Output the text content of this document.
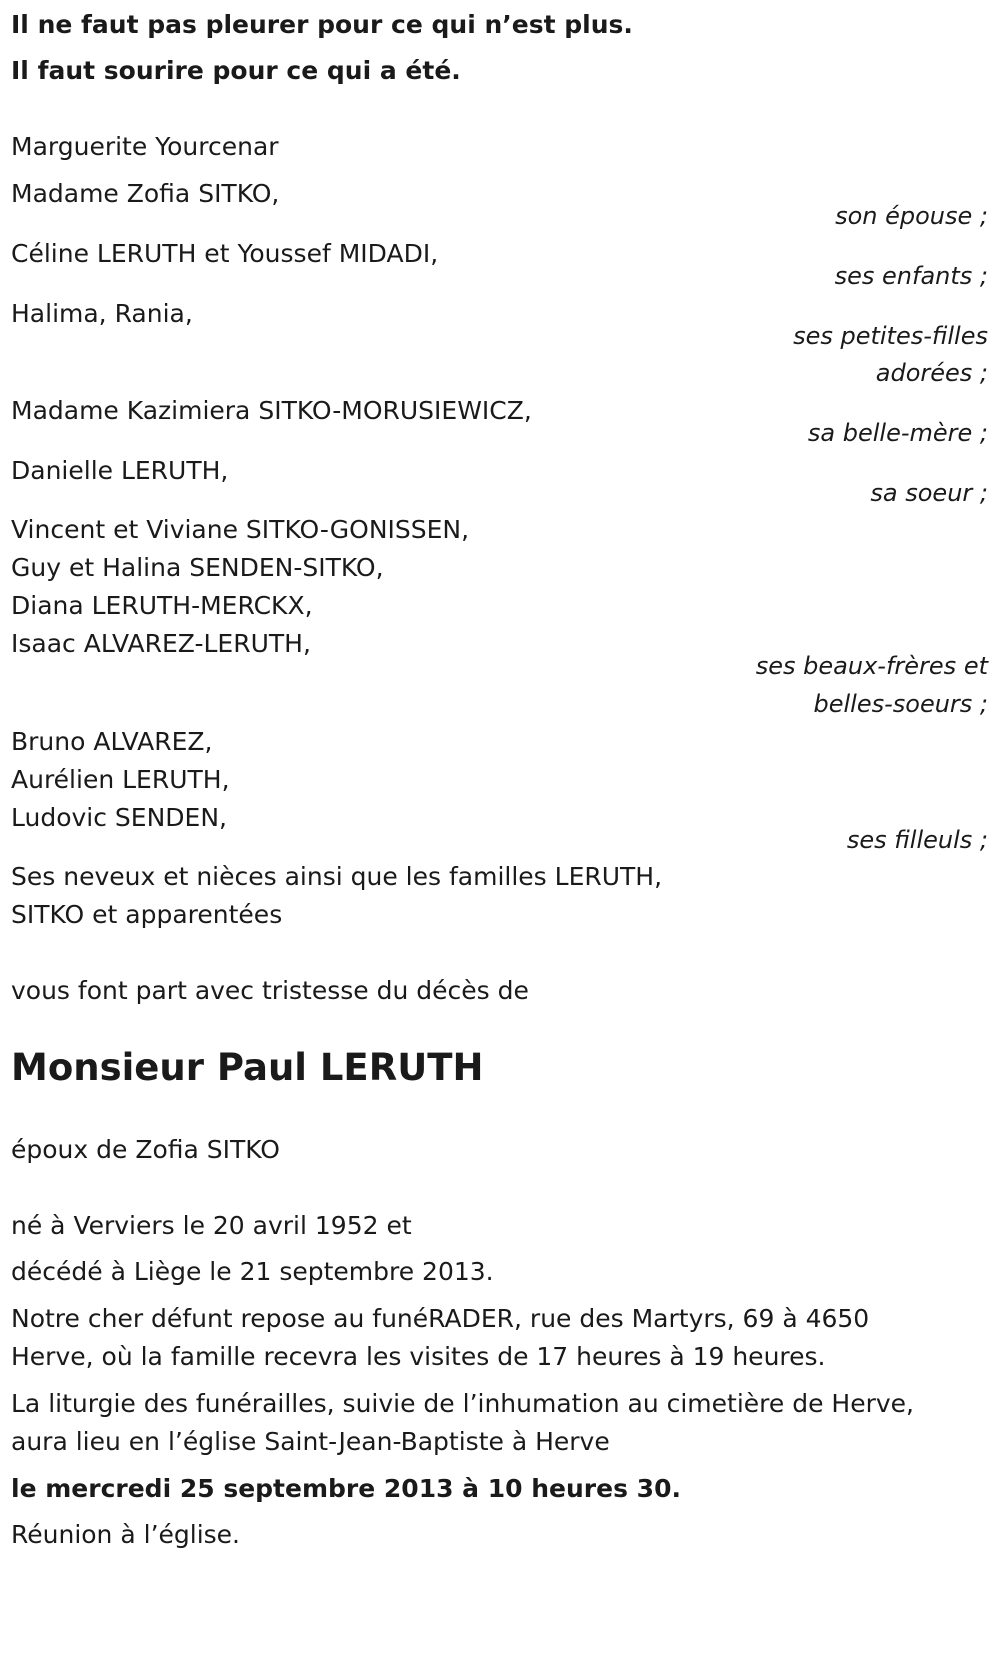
Il ne faut pas pleurer pour ce qui n’est plus.
Il faut sourire pour ce qui a été.
Marguerite Yourcenar
Madame Zofia SITKO,
son épouse ;
Céline LERUTH et Youssef MIDADI,
ses enfants ;
Halima, Rania,
ses petites-filles
adorées ;
Madame Kazimiera SITKO-MORUSIEWICZ,
sa belle-mère ;
Danielle LERUTH,
sa soeur ;
Vincent et Viviane SITKO-GONISSEN,
Guy et Halina SENDEN-SITKO,
Diana LERUTH-MERCKX,
Isaac ALVAREZ-LERUTH,
ses beaux-frères et
belles-soeurs ;
Bruno ALVAREZ,
Aurélien LERUTH,
Ludovic SENDEN,
ses filleuls ;
Ses neveux et nièces ainsi que les familles LERUTH,
SITKO et apparentées
vous font part avec tristesse du décès de
Monsieur Paul LERUTH
époux de Zofia SITKO
né à Verviers le 20 avril 1952 et
décédé à Liège le 21 septembre 2013.
Notre cher défunt repose au funéRADER, rue des Martyrs, 69 à 4650
Herve, où la famille recevra les visites de 17 heures à 19 heures.
La liturgie des funérailles, suivie de l’inhumation au cimetière de Herve,
aura lieu en l’église Saint-Jean-Baptiste à Herve
le mercredi 25 septembre 2013 à 10 heures 30.
Réunion à l’église.
